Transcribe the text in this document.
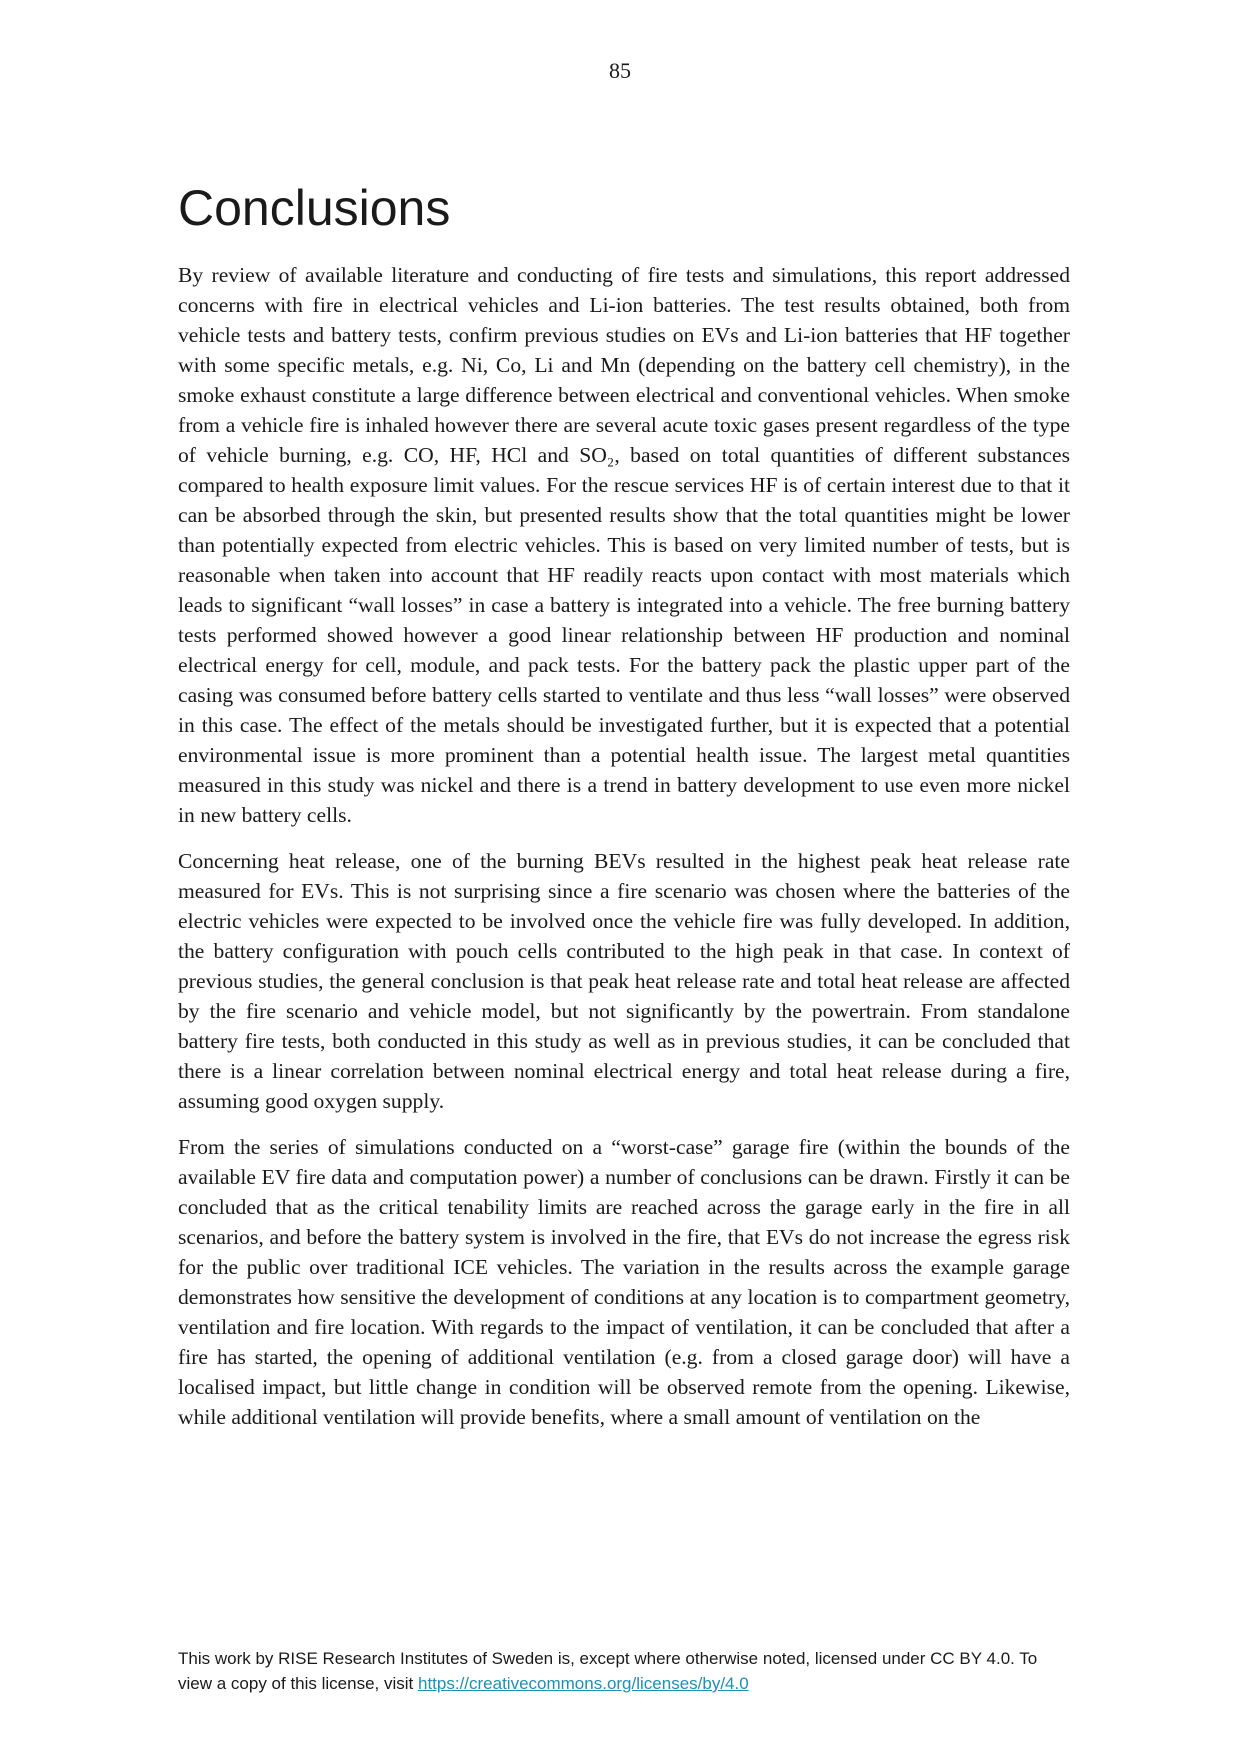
85
Conclusions

By review of available literature and conducting of fire tests and simulations, this report addressed concerns with fire in electrical vehicles and Li-ion batteries. The test results obtained, both from vehicle tests and battery tests, confirm previous studies on EVs and Li-ion batteries that HF together with some specific metals, e.g. Ni, Co, Li and Mn (depending on the battery cell chemistry), in the smoke exhaust constitute a large difference between electrical and conventional vehicles. When smoke from a vehicle fire is inhaled however there are several acute toxic gases present regardless of the type of vehicle burning, e.g. CO, HF, HCl and SO₂, based on total quantities of different substances compared to health exposure limit values. For the rescue services HF is of certain interest due to that it can be absorbed through the skin, but presented results show that the total quantities might be lower than potentially expected from electric vehicles. This is based on very limited number of tests, but is reasonable when taken into account that HF readily reacts upon contact with most materials which leads to significant “wall losses” in case a battery is integrated into a vehicle. The free burning battery tests performed showed however a good linear relationship between HF production and nominal electrical energy for cell, module, and pack tests. For the battery pack the plastic upper part of the casing was consumed before battery cells started to ventilate and thus less “wall losses” were observed in this case. The effect of the metals should be investigated further, but it is expected that a potential environmental issue is more prominent than a potential health issue. The largest metal quantities measured in this study was nickel and there is a trend in battery development to use even more nickel in new battery cells.

Concerning heat release, one of the burning BEVs resulted in the highest peak heat release rate measured for EVs. This is not surprising since a fire scenario was chosen where the batteries of the electric vehicles were expected to be involved once the vehicle fire was fully developed. In addition, the battery configuration with pouch cells contributed to the high peak in that case. In context of previous studies, the general conclusion is that peak heat release rate and total heat release are affected by the fire scenario and vehicle model, but not significantly by the powertrain. From standalone battery fire tests, both conducted in this study as well as in previous studies, it can be concluded that there is a linear correlation between nominal electrical energy and total heat release during a fire, assuming good oxygen supply.

From the series of simulations conducted on a “worst-case” garage fire (within the bounds of the available EV fire data and computation power) a number of conclusions can be drawn. Firstly it can be concluded that as the critical tenability limits are reached across the garage early in the fire in all scenarios, and before the battery system is involved in the fire, that EVs do not increase the egress risk for the public over traditional ICE vehicles. The variation in the results across the example garage demonstrates how sensitive the development of conditions at any location is to compartment geometry, ventilation and fire location. With regards to the impact of ventilation, it can be concluded that after a fire has started, the opening of additional ventilation (e.g. from a closed garage door) will have a localised impact, but little change in condition will be observed remote from the opening. Likewise, while additional ventilation will provide benefits, where a small amount of ventilation on the

This work by RISE Research Institutes of Sweden is, except where otherwise noted, licensed under CC BY 4.0. To view a copy of this license, visit https://creativecommons.org/licenses/by/4.0
